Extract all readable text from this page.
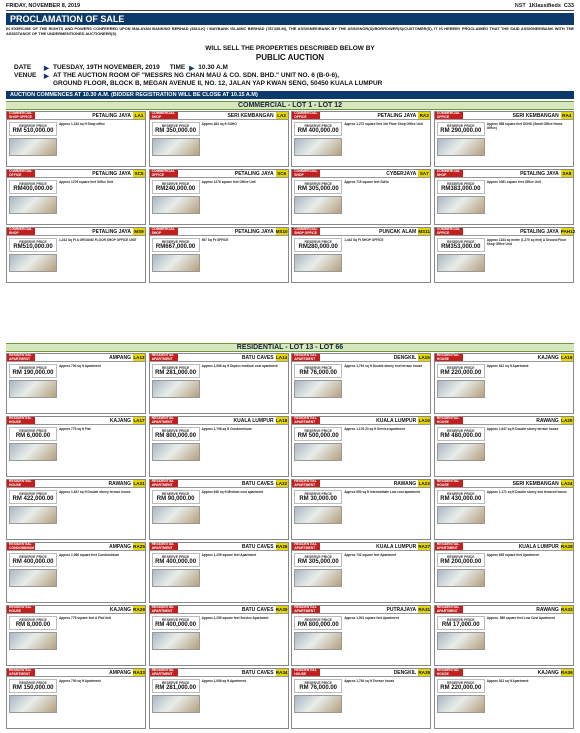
FRIDAY, NOVEMBER 8, 2019	NST 1Klassifieds C33
PROCLAMATION OF SALE
IN EXERCISE OF THE RIGHTS AND POWERS CONFERRED UPON MALAYAN BANKING BERHAD (3813-K) / MAYBANK ISLAMIC BERHAD (787435-M), THE ASSIGNEE/BANK BY THE ASSIGNOR(S)/BORROWER(S)/CUSTOMER(S), IT IS HEREBY PROCLAIMED THAT THE SAID ASSIGNEE/BANK WITH THE ASSISTANCE OF THE UNDERMENTIONED AUCTIONEER(S)
WILL SELL THE PROPERTIES DESCRIBED BELOW BY
PUBLIC AUCTION
DATE	▶ TUESDAY, 19TH NOVEMBER, 2019 TIME ▶ 10.30 A.M
VENUE	▶ AT THE AUCTION ROOM OF "MESSRS NG CHAN MAU & CO. SDN. BHD." UNIT NO. 6 (B-0-6),
GROUND FLOOR, BLOCK B, MEGAN AVENUE II, NO. 12, JALAN YAP KWAN SENG, 50450 KUALA LUMPUR
AUCTION COMMENCES AT 10.30 A.M. (BIDDER REGISTRATION WILL BE CLOSE AT 10.15 A.M)
COMMERCIAL - LOT 1 - LOT 12
COMMERCIAL SHOP OFFICE	PETALING JAYA LA1
RESERVE PRICE
RM 510,000.00
Approx 1,243 sq ft Shop office
COMMERCIAL SHOP	SERI KEMBANGAN LA2
RESERVE PRICE
RM 350,000.00
Approx 484 sq ft SOHO
COMMERCIAL OFFICE	PETALING JAYA RA3
RESERVE PRICE
RM 400,000.00
Approx 1,272 square feet 3rd Floor Shop Office Unit
COMMERCIAL OFFICE	SERI KEMBANGAN RA4
RESERVE PRICE
RM 290,000.00
Approx 958 square feet SOHO (Small Office Home Office)
COMMERCIAL OFFICE	PETALING JAYA SC5
RESERVE PRICE
RM400,000.00
Approx 1276 square feet Office Unit
COMMERCIAL OFFICE	PETALING JAYA SC6
RESERVE PRICE
RM240,000.00
Approx 1276 square feet Office Unit
COMMERCIAL SHOP	CYBERJAYA SA7
RESERVE PRICE
RM 305,000.00
Approx 715 square feet SoHo
COMMERCIAL SHOP	PETALING JAYA SA8
RESERVE PRICE
RM383,000.00
Approx 1081 square feet Office Unit
COMMERCIAL SHOP	PETALING JAYA MS9
RESERVE PRICE
RM510,000.00
1,243 Sq Ft A GROUND FLOOR SHOP OFFICE UNIT
COMMERCIAL SHOP	PETALING JAYA MS10
RESERVE PRICE
RM667,000.00
957 Sq Ft OFFICE
COMMERCIAL SHOP OFFICE	PUNCAK ALAM MS11
RESERVE PRICE
RM280,000.00
1,442 Sq Ft SHOP OFFICE
COMMERCIAL OFFICE	PETALING JAYA PAH12
RESERVE PRICE
RM353,000.00
Approx 1184 sq meter (1,275 sq feet) A Second Floor Shop Office Unit
RESIDENTIAL - LOT 13 - LOT 66
RESIDENTIAL APARTMENT	AMPANG LA13
RESERVE PRICE
RM 190,000.00
Approx 700 sq ft Apartment
RESIDENTIAL APARTMENT	BATU CAVES LA14
RESERVE PRICE
RM 281,000.00
Approx 1,066 sq ft Duplex medium cost apartment
RESIDENTIAL APARTMENT	DENGKIL LA15
RESERVE PRICE
RM 76,000.00
Approx 1,794 sq ft Double storey end terrace house
RESIDENTIAL HOUSE	KAJANG LA16
RESERVE PRICE
RM 220,000.00
Approx 812 sq ft Apartment
RESIDENTIAL HOUSE	KAJANG LA17
RESERVE PRICE
RM 6,000.00
Approx 775 sq ft Flat
RESIDENTIAL APARTMENT	KUALA LUMPUR LA18
RESERVE PRICE
RM 800,000.00
Approx 1,798 sq ft Condominium
RESIDENTIAL APARTMENT	KUALA LUMPUR LA19
RESERVE PRICE
RM 500,000.00
Approx 1,176.23 sq ft Service apartment
RESIDENTIAL HOUSE	RAWANG LA20
RESERVE PRICE
RM 480,000.00
Approx 1,647 sq ft Double storey terrace house
RESIDENTIAL HOUSE	RAWANG LA21
RESERVE PRICE
RM 422,000.00
Approx 1,647 sq ft Double storey terrace house
RESIDENTIAL APARTMENT	BATU CAVES LA22
RESERVE PRICE
RM 90,000.00
Approx 646 sq ft Medium cost apartment
RESIDENTIAL APARTMENT	RAWANG LA23
RESERVE PRICE
RM 30,000.00
Approx 650 sq ft Intermediate Low cost apartment
RESIDENTIAL HOUSE	SERI KEMBANGAN LA24
RESERVE PRICE
RM 430,000.00
Approx 1,171 sq ft Double storey end terraced house
RESIDENTIAL CONDOMINIUM	AMPANG RA25
RESERVE PRICE
RM 400,000.00
Approx 1,066 square feet Condominium
RESIDENTIAL APARTMENT	BATU CAVES RA26
RESERVE PRICE
RM 400,000.00
Approx 1,259 square feet Apartment
RESIDENTIAL APARTMENT	KUALA LUMPUR RA27
RESERVE PRICE
RM 305,000.00
Approx 732 square feet Apartment
RESIDENTIAL APARTMENT	KUALA LUMPUR RA28
RESERVE PRICE
RM 200,000.00
Approx 635 square feet Apartment
RESIDENTIAL HOUSE	KAJANG RA29
RESERVE PRICE
RM 8,000.00
Approx 775 square feet A Flat Unit
RESIDENTIAL APARTMENT	BATU CAVES RA30
RESERVE PRICE
RM 400,000.00
Approx 1,259 square feet Service Apartment
RESIDENTIAL APARTMENT	PUTRAJAYA RA31
RESERVE PRICE
RM 800,000.00
Approx 1,001 square feet Apartment
RESIDENTIAL APARTMENT	RAWANG RA32
RESERVE PRICE
RM 17,000.00
Approx. 589 square feet Low Cost Apartment
RESIDENTIAL APARTMENT	AMPANG RA33
RESERVE PRICE
RM 150,000.00
Approx 700 sq ft Apartment
RESIDENTIAL APARTMENT	BATU CAVES RA34
RESERVE PRICE
RM 281,000.00
Approx 1,066 sq ft Apartment
RESIDENTIAL HOUSE	DENGKIL RA35
RESERVE PRICE
RM 76,000.00
Approx 1,794 sq ft Terrace house
RESIDENTIAL HOUSE	KAJANG RA36
RESERVE PRICE
RM 220,000.00
Approx 812 sq ft Apartment
